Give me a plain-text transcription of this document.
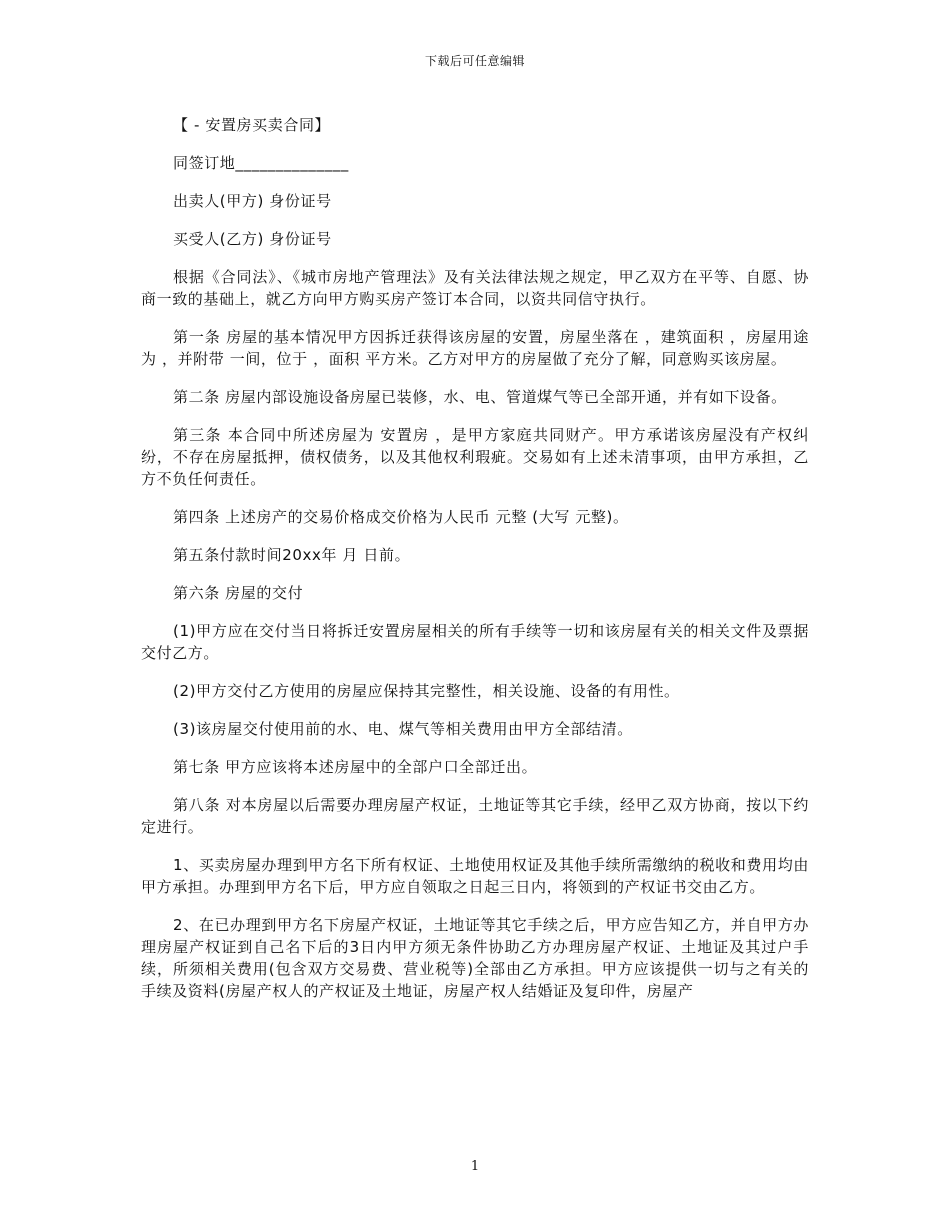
下载后可任意编辑

【 - 安置房买卖合同】

同签订地______________

出卖人(甲方) 身份证号

买受人(乙方) 身份证号

根据《合同法》、《城市房地产管理法》及有关法律法规之规定，甲乙双方在平等、自愿、协商一致的基础上，就乙方向甲方购买房产签订本合同，以资共同信守执行。

第一条 房屋的基本情况甲方因拆迁获得该房屋的安置，房屋坐落在 ，建筑面积 ，房屋用途为 ，并附带 一间，位于 ，面积 平方米。乙方对甲方的房屋做了充分了解，同意购买该房屋。

第二条 房屋内部设施设备房屋已装修，水、电、管道煤气等已全部开通，并有如下设备。

第三条 本合同中所述房屋为 安置房 ，是甲方家庭共同财产。甲方承诺该房屋没有产权纠纷，不存在房屋抵押，债权债务，以及其他权利瑕疵。交易如有上述未清事项，由甲方承担，乙方不负任何责任。

第四条 上述房产的交易价格成交价格为人民币 元整 (大写 元整)。

第五条付款时间20xx年 月 日前。

第六条 房屋的交付

(1)甲方应在交付当日将拆迁安置房屋相关的所有手续等一切和该房屋有关的相关文件及票据交付乙方。

(2)甲方交付乙方使用的房屋应保持其完整性，相关设施、设备的有用性。

(3)该房屋交付使用前的水、电、煤气等相关费用由甲方全部结清。

第七条 甲方应该将本述房屋中的全部户口全部迁出。

第八条 对本房屋以后需要办理房屋产权证，土地证等其它手续，经甲乙双方协商，按以下约定进行。

1、买卖房屋办理到甲方名下所有权证、土地使用权证及其他手续所需缴纳的税收和费用均由甲方承担。办理到甲方名下后，甲方应自领取之日起三日内，将领到的产权证书交由乙方。

2、在已办理到甲方名下房屋产权证，土地证等其它手续之后，甲方应告知乙方，并自甲方办理房屋产权证到自己名下后的3日内甲方须无条件协助乙方办理房屋产权证、土地证及其过户手续，所须相关费用(包含双方交易费、营业税等)全部由乙方承担。甲方应该提供一切与之有关的手续及资料(房屋产权人的产权证及土地证，房屋产权人结婚证及复印件，房屋产

1
